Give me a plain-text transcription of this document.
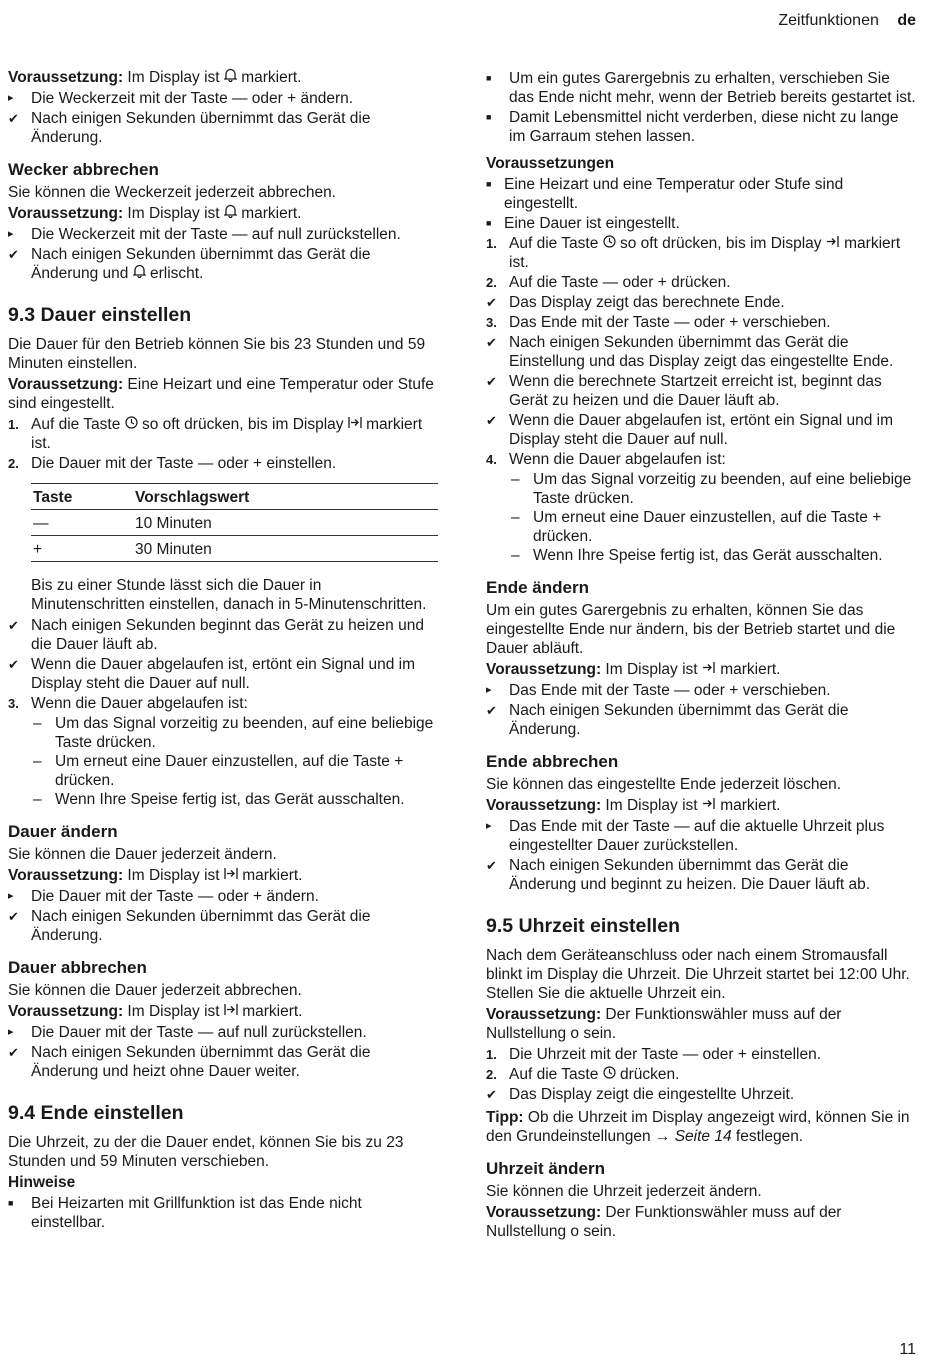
Zeitfunktionen de

Voraussetzung: Im Display ist  markiert.

▸	Die Weckerzeit mit der Taste — oder + ändern.
✔ Nach einigen Sekunden übernimmt das Gerät die Änderung.
Wecker abbrechen

Sie können die Weckerzeit jederzeit abbrechen.

Voraussetzung: Im Display ist  markiert.

▸	Die Weckerzeit mit der Taste — auf null zurückstellen.
✔ Nach einigen Sekunden übernimmt das Gerät die Änderung und  erlischt.
9.3 Dauer einstellen

Die Dauer für den Betrieb können Sie bis 23 Stunden und 59 Minuten einstellen.

Voraussetzung: Eine Heizart und eine Temperatur oder Stufe sind eingestellt.

1. Auf die Taste  so oft drücken, bis im Display  markiert ist.
2. Die Dauer mit der Taste — oder + einstellen.
Taste	Vorschlagswert
—	10 Minuten
+	30 Minuten

Bis zu einer Stunde lässt sich die Dauer in Minutenschritten einstellen, danach in 5-Minutenschritten.

✔ Nach einigen Sekunden beginnt das Gerät zu heizen und die Dauer läuft ab.
✔ Wenn die Dauer abgelaufen ist, ertönt ein Signal und im Display steht die Dauer auf null.
3. Wenn die Dauer abgelaufen ist:
– Um das Signal vorzeitig zu beenden, auf eine beliebige Taste drücken.
– Um erneut eine Dauer einzustellen, auf die Taste + drücken.
– Wenn Ihre Speise fertig ist, das Gerät ausschalten.
Dauer ändern

Sie können die Dauer jederzeit ändern.

Voraussetzung: Im Display ist  markiert.

▸	Die Dauer mit der Taste — oder + ändern.
✔ Nach einigen Sekunden übernimmt das Gerät die Änderung.
Dauer abbrechen

Sie können die Dauer jederzeit abbrechen.

Voraussetzung: Im Display ist  markiert.

▸	Die Dauer mit der Taste — auf null zurückstellen.
✔ Nach einigen Sekunden übernimmt das Gerät die Änderung und heizt ohne Dauer weiter.
9.4 Ende einstellen

Die Uhrzeit, zu der die Dauer endet, können Sie bis zu 23 Stunden und 59 Minuten verschieben.

Hinweise

■	Bei Heizarten mit Grillfunktion ist das Ende nicht einstellbar.
■	Um ein gutes Garergebnis zu erhalten, verschieben Sie das Ende nicht mehr, wenn der Betrieb bereits gestartet ist.
■	Damit Lebensmittel nicht verderben, diese nicht zu lange im Garraum stehen lassen.

Voraussetzungen

■ Eine Heizart und eine Temperatur oder Stufe sind eingestellt.
■ Eine Dauer ist eingestellt.
1. Auf die Taste  so oft drücken, bis im Display  markiert ist.
2. Auf die Taste — oder + drücken.
✔ Das Display zeigt das berechnete Ende.
3. Das Ende mit der Taste — oder + verschieben.
✔ Nach einigen Sekunden übernimmt das Gerät die Einstellung und das Display zeigt das eingestellte Ende.
✔ Wenn die berechnete Startzeit erreicht ist, beginnt das Gerät zu heizen und die Dauer läuft ab.
✔ Wenn die Dauer abgelaufen ist, ertönt ein Signal und im Display steht die Dauer auf null.
4. Wenn die Dauer abgelaufen ist:
– Um das Signal vorzeitig zu beenden, auf eine beliebige Taste drücken.
– Um erneut eine Dauer einzustellen, auf die Taste + drücken.
– Wenn Ihre Speise fertig ist, das Gerät ausschalten.
Ende ändern

Um ein gutes Garergebnis zu erhalten, können Sie das eingestellte Ende nur ändern, bis der Betrieb startet und die Dauer abläuft.

Voraussetzung: Im Display ist  markiert.

▸	Das Ende mit der Taste — oder + verschieben.
✔ Nach einigen Sekunden übernimmt das Gerät die Änderung.
Ende abbrechen

Sie können das eingestellte Ende jederzeit löschen.

Voraussetzung: Im Display ist  markiert.

▸	Das Ende mit der Taste — auf die aktuelle Uhrzeit plus eingestellter Dauer zurückstellen.
✔ Nach einigen Sekunden übernimmt das Gerät die Änderung und beginnt zu heizen. Die Dauer läuft ab.
9.5 Uhrzeit einstellen

Nach dem Geräteanschluss oder nach einem Stromausfall blinkt im Display die Uhrzeit. Die Uhrzeit startet bei 12:00 Uhr. Stellen Sie die aktuelle Uhrzeit ein.

Voraussetzung: Der Funktionswähler muss auf der Nullstellung o sein.

1. Die Uhrzeit mit der Taste — oder + einstellen.
2. Auf die Taste  drücken.
✔ Das Display zeigt die eingestellte Uhrzeit.

Tipp: Ob die Uhrzeit im Display angezeigt wird, können Sie in den Grundeinstellungen → Seite 14 festlegen.

Uhrzeit ändern

Sie können die Uhrzeit jederzeit ändern.

Voraussetzung: Der Funktionswähler muss auf der Nullstellung o sein.

11
